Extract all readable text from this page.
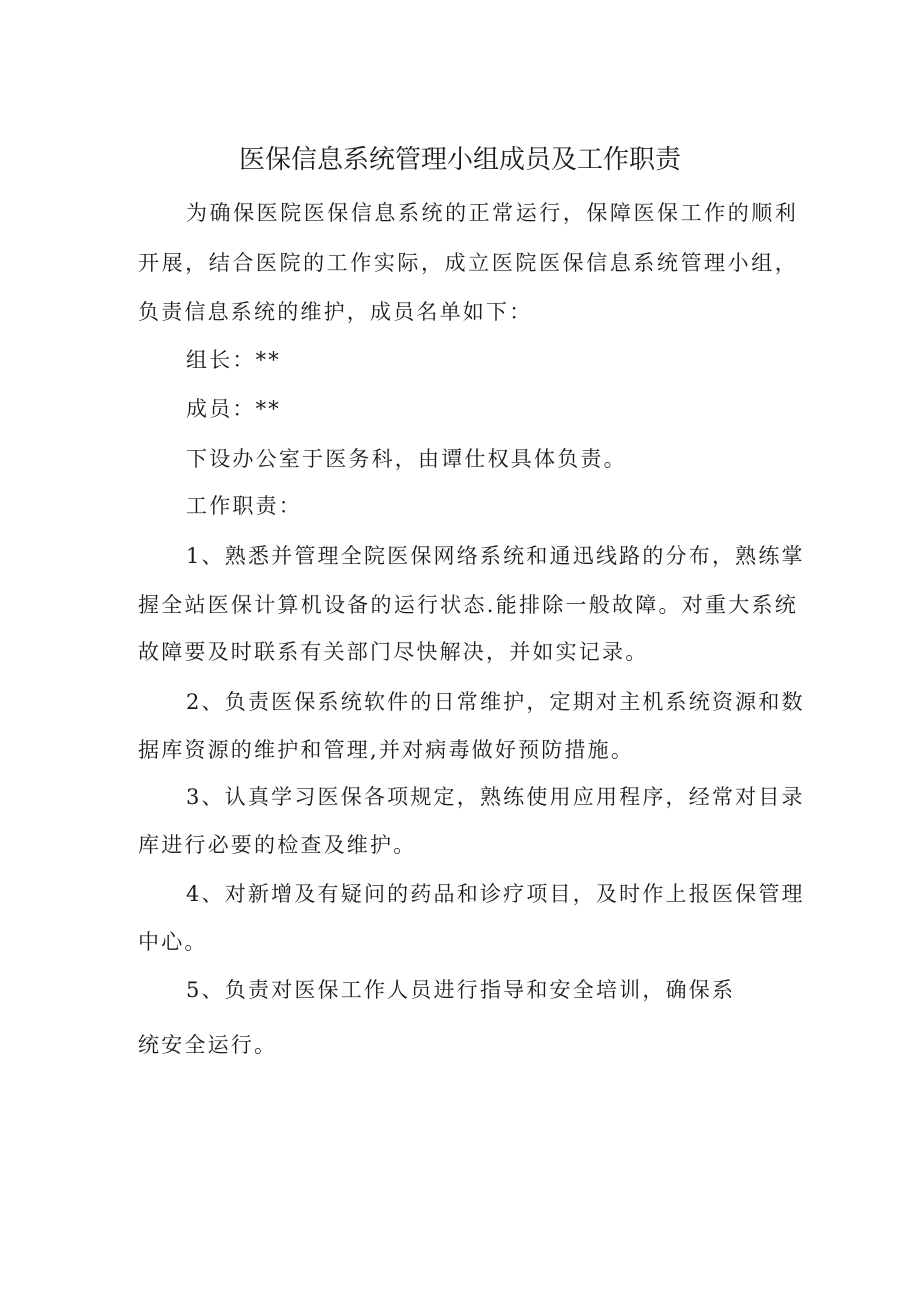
医保信息系统管理小组成员及工作职责
为确保医院医保信息系统的正常运行，保障医保工作的顺利
开展，结合医院的工作实际，成立医院医保信息系统管理小组，
负责信息系统的维护，成员名单如下：
组长：**
成员：**
下设办公室于医务科，由谭仕权具体负责。
工作职责：
1、熟悉并管理全院医保网络系统和通迅线路的分布，熟练掌
握全站医保计算机设备的运行状态.能排除一般故障。对重大系统
故障要及时联系有关部门尽快解决，并如实记录。
2、负责医保系统软件的日常维护，定期对主机系统资源和数
据库资源的维护和管理,并对病毒做好预防措施。
3、认真学习医保各项规定，熟练使用应用程序，经常对目录
库进行必要的检查及维护。
4、对新增及有疑问的药品和诊疗项目，及时作上报医保管理
中心。
5、负责对医保工作人员进行指导和安全培训，确保系
统安全运行。
